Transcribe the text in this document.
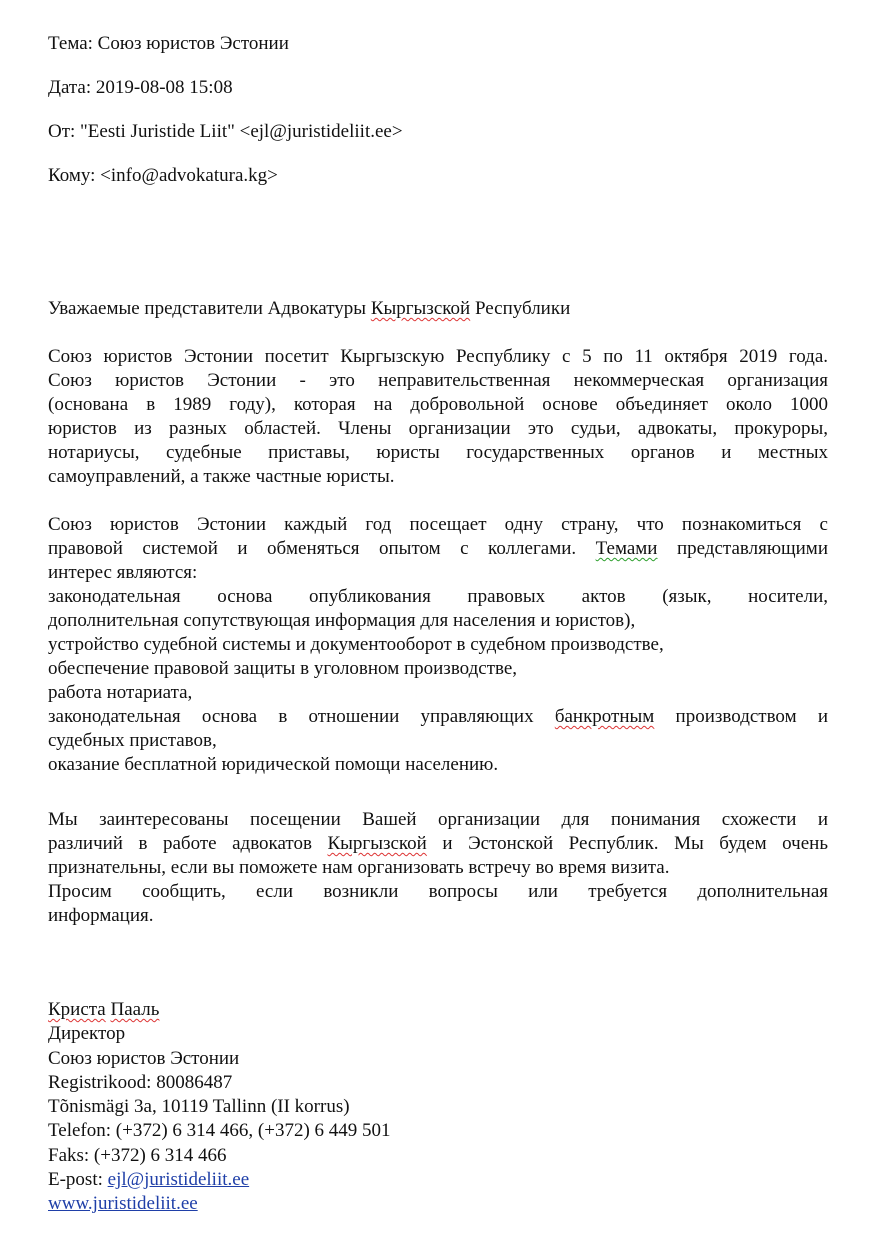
Тема: Союз юристов Эстонии
Дата: 2019-08-08 15:08
От: "Eesti Juristide Liit" <ejl@juristideliit.ee>
Кому: <info@advokatura.kg>
Уважаемые представители Адвокатуры Кыргызской Республики
Союз юристов Эстонии посетит Кыргызскую Республику с 5 по 11 октября 2019 года.
Союз юристов Эстонии - это неправительственная некоммерческая организация
(основана в 1989 году), которая на добровольной основе объединяет около 1000
юристов из разных областей. Члены организации это судьи, адвокаты, прокуроры,
нотариусы, судебные приставы, юристы государственных органов и местных
самоуправлений, а также частные юристы.
Союз юристов Эстонии каждый год посещает одну страну, что познакомиться с
правовой системой и обменяться опытом с коллегами. Темами представляющими
интерес являются:
законодательная основа опубликования правовых актов (язык, носители,
дополнительная сопутствующая информация для населения и юристов),
устройство судебной системы и документооборот в судебном производстве,
обеспечение правовой защиты в уголовном производстве,
работа нотариата,
законодательная основа в отношении управляющих банкротным производством и
судебных приставов,
оказание бесплатной юридической помощи населению.
Мы заинтересованы посещении Вашей организации для понимания схожести и
различий в работе адвокатов Кыргызской и Эстонской Республик. Мы будем очень
признательны, если вы поможете нам организовать встречу во время визита.
Просим сообщить, если возникли вопросы или требуется дополнительная
информация.
Криста Пааль
Директор
Союз юристов Эстонии
Registrikood: 80086487
Tõnismägi 3a, 10119 Tallinn (II korrus)
Telefon: (+372) 6 314 466, (+372) 6 449 501
Faks: (+372) 6 314 466
E-post: ejl@juristideliit.ee
www.juristideliit.ee
